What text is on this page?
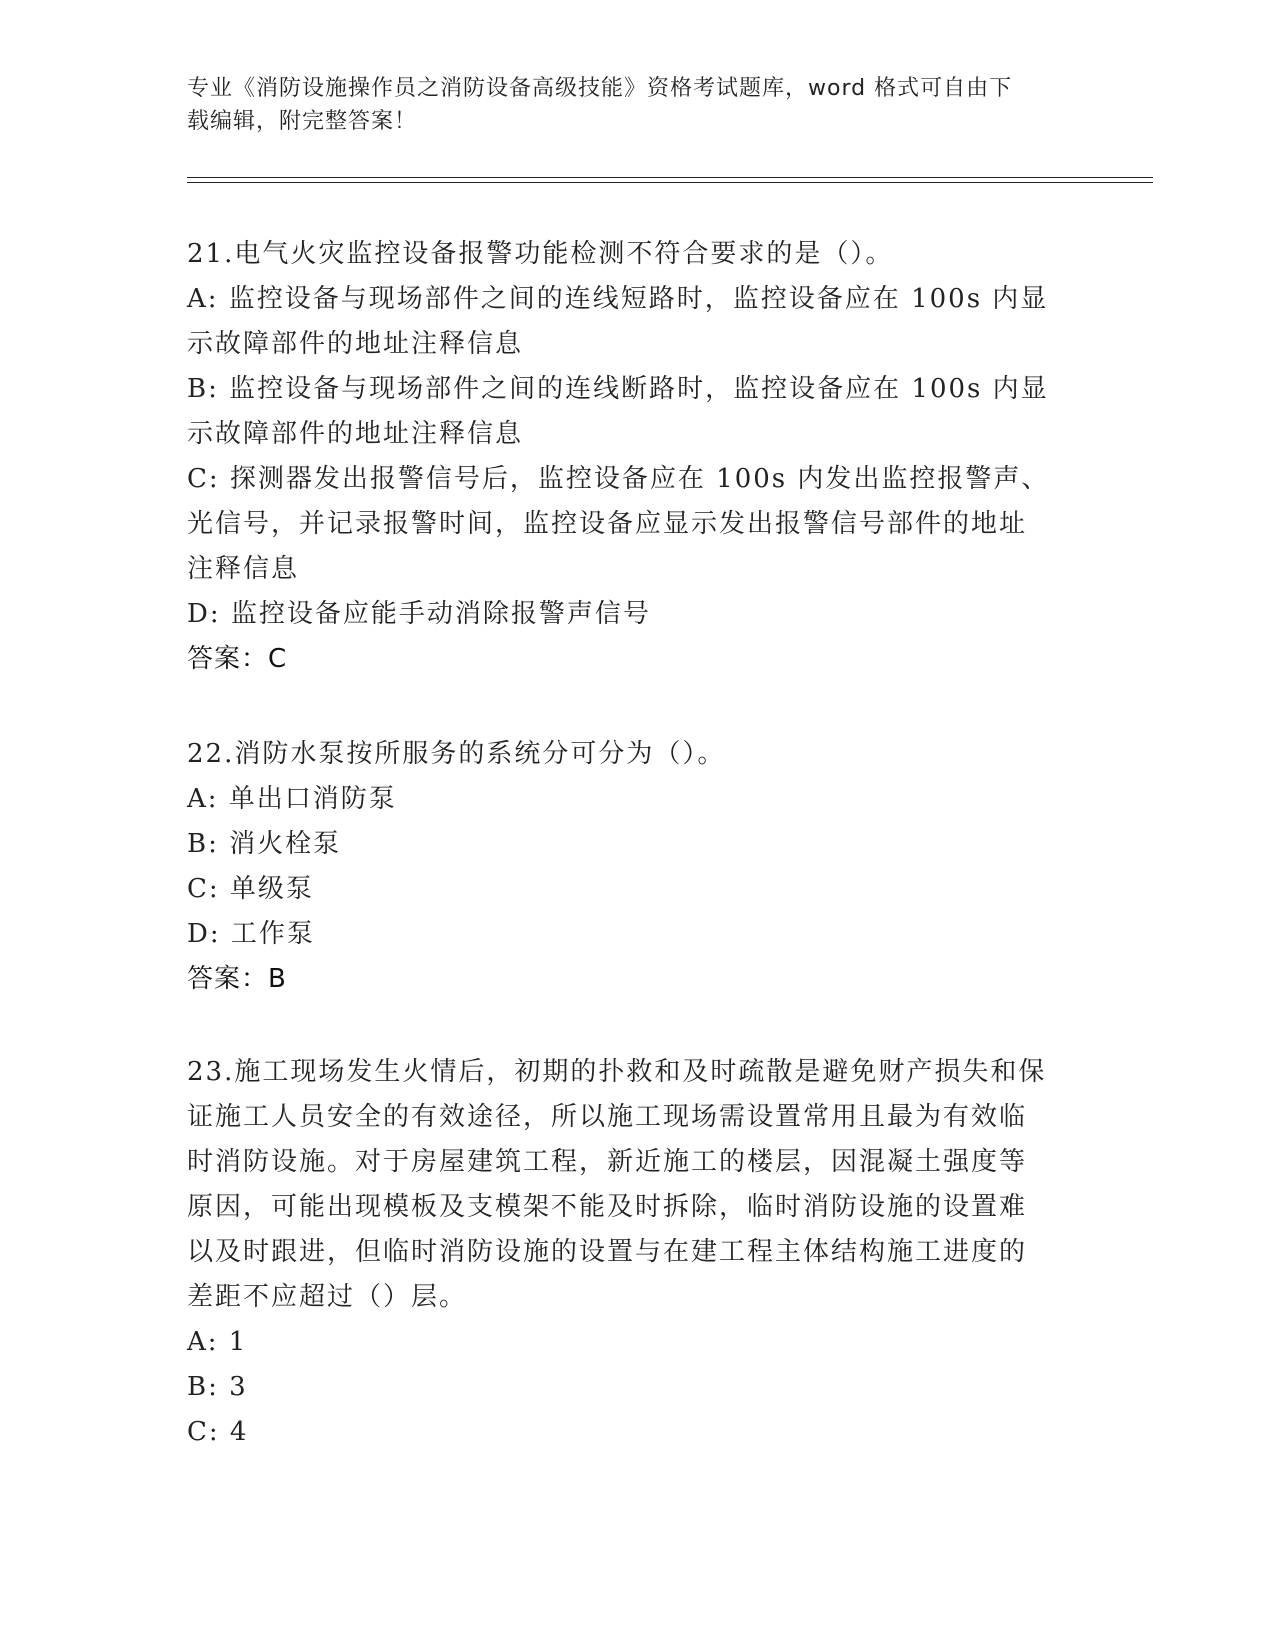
专业《消防设施操作员之消防设备高级技能》资格考试题库，word 格式可自由下
载编辑，附完整答案！
21.电气火灾监控设备报警功能检测不符合要求的是（）。
A: 监控设备与现场部件之间的连线短路时，监控设备应在 100s 内显
示故障部件的地址注释信息
B: 监控设备与现场部件之间的连线断路时，监控设备应在 100s 内显
示故障部件的地址注释信息
C: 探测器发出报警信号后，监控设备应在 100s 内发出监控报警声、
光信号，并记录报警时间，监控设备应显示发出报警信号部件的地址
注释信息
D: 监控设备应能手动消除报警声信号
答案：C
22.消防水泵按所服务的系统分可分为（）。
A: 单出口消防泵
B: 消火栓泵
C: 单级泵
D: 工作泵
答案：B
23.施工现场发生火情后，初期的扑救和及时疏散是避免财产损失和保
证施工人员安全的有效途径，所以施工现场需设置常用且最为有效临
时消防设施。对于房屋建筑工程，新近施工的楼层，因混凝土强度等
原因，可能出现模板及支模架不能及时拆除，临时消防设施的设置难
以及时跟进，但临时消防设施的设置与在建工程主体结构施工进度的
差距不应超过（）层。
A: 1
B: 3
C: 4
